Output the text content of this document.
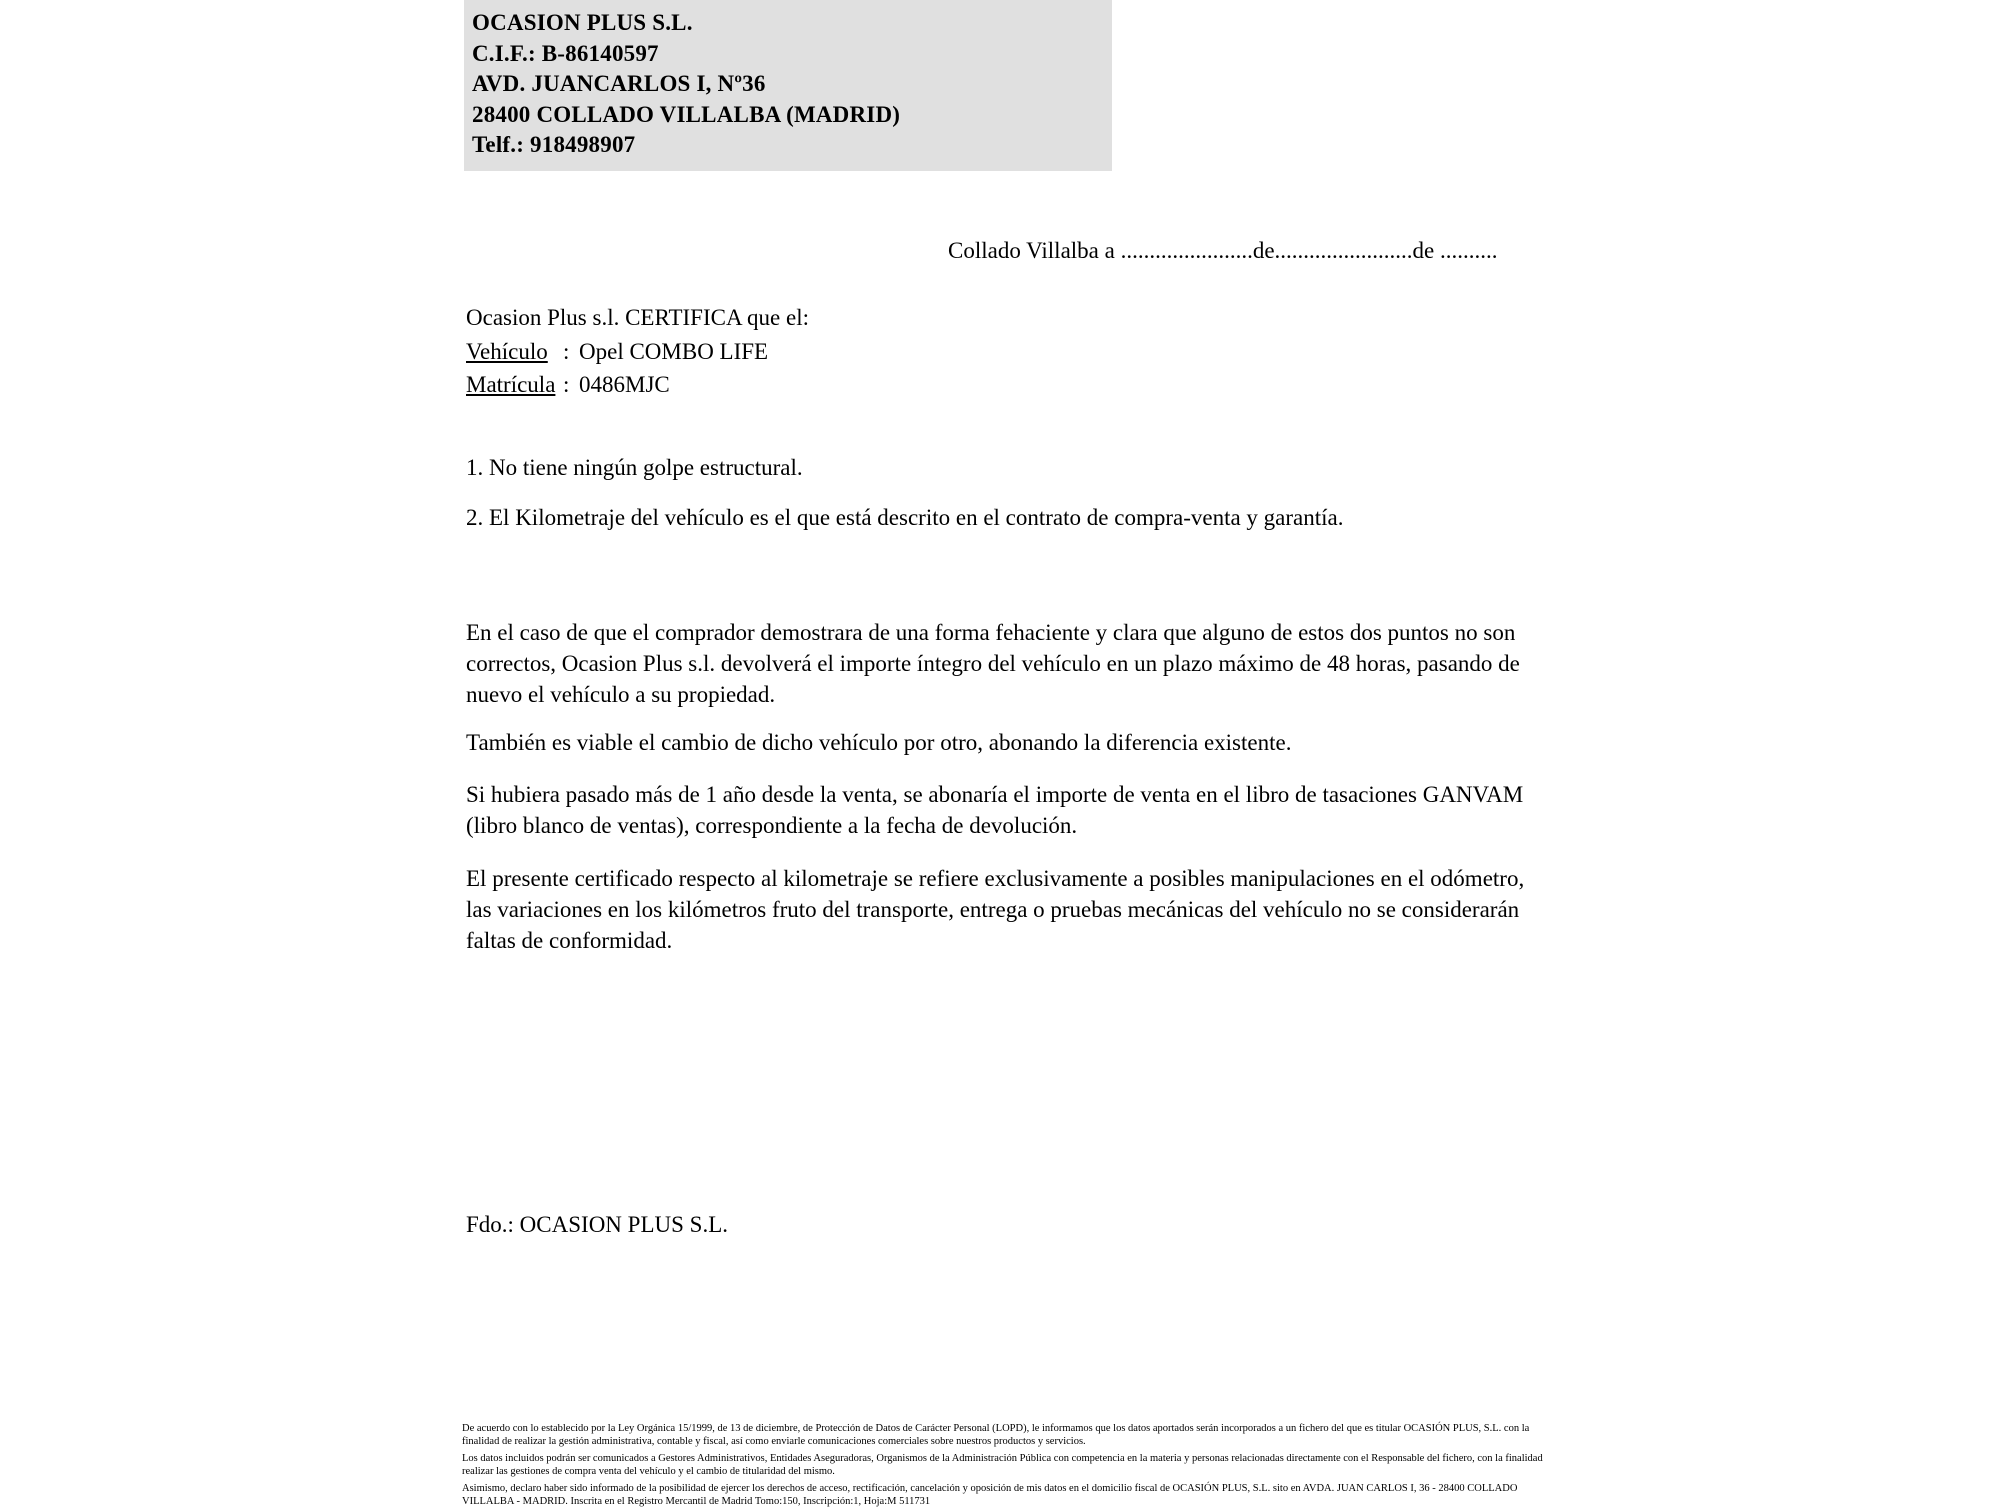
OCASION PLUS S.L.
C.I.F.: B-86140597
AVD. JUANCARLOS I, Nº36
28400 COLLADO VILLALBA (MADRID)
Telf.: 918498907
Collado Villalba a .......................de........................de ..........
Ocasion Plus s.l. CERTIFICA que el:
Vehículo : Opel COMBO LIFE
Matrícula : 0486MJC
1. No tiene ningún golpe estructural.
2. El Kilometraje del vehículo es el que está descrito en el contrato de compra-venta y garantía.
En el caso de que el comprador demostrara de una forma fehaciente y clara que alguno de estos dos puntos no son correctos, Ocasion Plus s.l. devolverá el importe íntegro del vehículo en un plazo máximo de 48 horas, pasando de nuevo el vehículo a su propiedad.
También es viable el cambio de dicho vehículo por otro, abonando la diferencia existente.
Si hubiera pasado más de 1 año desde la venta, se abonaría el importe de venta en el libro de tasaciones GANVAM (libro blanco de ventas), correspondiente a la fecha de devolución.
El presente certificado respecto al kilometraje se refiere exclusivamente a posibles manipulaciones en el odómetro, las variaciones en los kilómetros fruto del transporte, entrega o pruebas mecánicas del vehículo no se considerarán faltas de conformidad.
Fdo.: OCASION PLUS S.L.

De acuerdo con lo establecido por la Ley Orgánica 15/1999, de 13 de diciembre, de Protección de Datos de Carácter Personal (LOPD), le informamos que los datos aportados serán incorporados a un fichero del que es titular OCASIÓN PLUS, S.L. con la finalidad de realizar la gestión administrativa, contable y fiscal, así como enviarle comunicaciones comerciales sobre nuestros productos y servicios.

Los datos incluidos podrán ser comunicados a Gestores Administrativos, Entidades Aseguradoras, Organismos de la Administración Pública con competencia en la materia y personas relacionadas directamente con el Responsable del fichero, con la finalidad realizar las gestiones de compra venta del vehículo y el cambio de titularidad del mismo.

Asimismo, declaro haber sido informado de la posibilidad de ejercer los derechos de acceso, rectificación, cancelación y oposición de mis datos en el domicilio fiscal de OCASIÓN PLUS, S.L. sito en AVDA. JUAN CARLOS I, 36 - 28400 COLLADO VILLALBA - MADRID. Inscrita en el Registro Mercantil de Madrid Tomo:150, Inscripción:1, Hoja:M 511731
